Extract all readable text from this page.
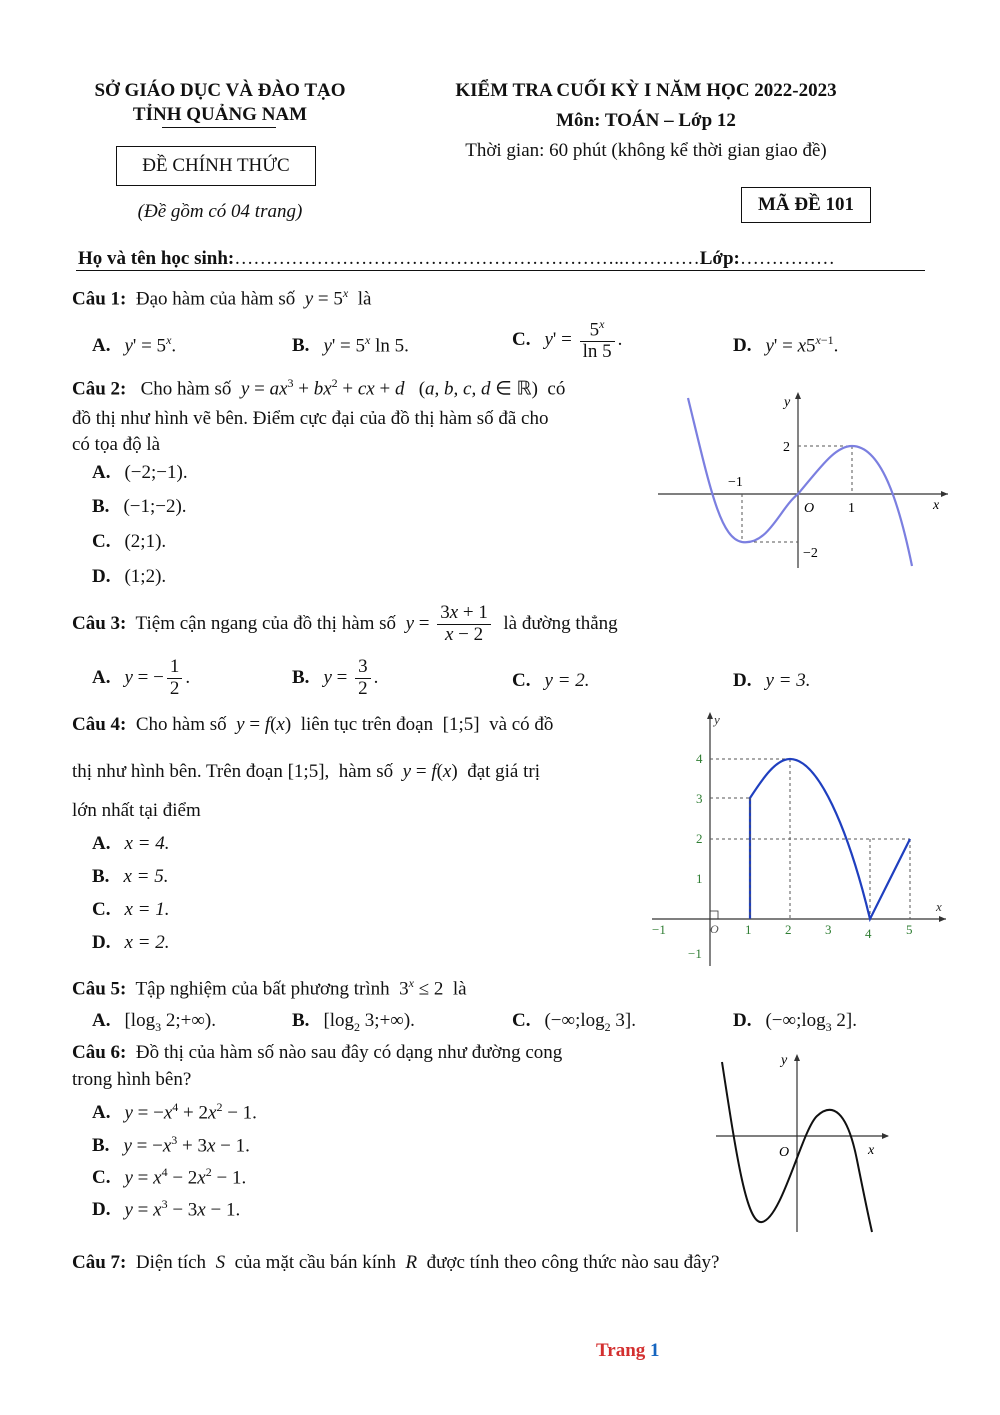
SỞ GIÁO DỤC VÀ ĐÀO TẠO
TỈNH QUẢNG NAM
ĐỀ CHÍNH THỨC
(Đề gồm có 04 trang)
KIỂM TRA CUỐI KỲ I NĂM HỌC 2022-2023
Môn: TOÁN – Lớp 12
Thời gian: 60 phút (không kể thời gian giao đề)
MÃ ĐỀ 101
Họ và tên học sinh:……………………………………………………..…………Lớp:……………
Câu 1: Đạo hàm của hàm số $y = 5^x$  là
A. $y' = 5^x$.	B. $y' = 5^x$ ln 5.	C. $y' = \frac{5^x}{\ln 5}$ .	D. $y' = x5^{x-1}$.
Câu 2: Cho hàm số $y = ax^3 + bx^2$ + cx + d   (a, b, c, d ∈ ℝ)  có
đồ thị như hình vẽ bên. Điểm cực đại của đồ thị hàm số đã cho
có tọa độ là
A. (−2;−1).
B. (−1;−2).
C. (2;1).
D. (1;2).
y
x
O
2
−1
1
−2
Câu 3: Tiệm cận ngang của đồ thị hàm số $y = \frac{3x + 1}{x - 2}$ là đường thẳng
A. y = − $\frac{1}{2}$ .	B. $y = \frac{3}{2}$ .	C. y = 2.	D. y = 3.
Câu 4: Cho hàm số y = f(x)  liên tục trên đoạn  [1;5]  và có đồ
thị như hình bên. Trên đoạn [1;5],  hàm số y = f(x)  đạt giá trị
lớn nhất tại điểm
A. x = 4.
B. x = 5.
C. x = 1.
D. x = 2.
−1	1	2	3	4	5
4
3
2
1
−1
y
x
O
Câu 5: Tập nghiệm của bất phương trình  $3^x \le 2$  là
A. [$\log_3$ 2;+∞).	B. [$\log_2$ 3;+∞).	C. ($-\infty;\log_2$ 3].	D. ($-\infty;\log_3$ 2].
Câu 6: Đồ thị của hàm số nào sau đây có dạng như đường cong
trong hình bên?
A. $y = -x^4 + 2x^2 - 1$.
B. $y = -x^3 + 3x - 1$.
C. $y = x^4 - 2x^2 - 1$.
D. $y = x^3 - 3x - 1$.
y
x
O
Câu 7: Diện tích S của mặt cầu bán kính R được tính theo công thức nào sau đây?
Trang 1
